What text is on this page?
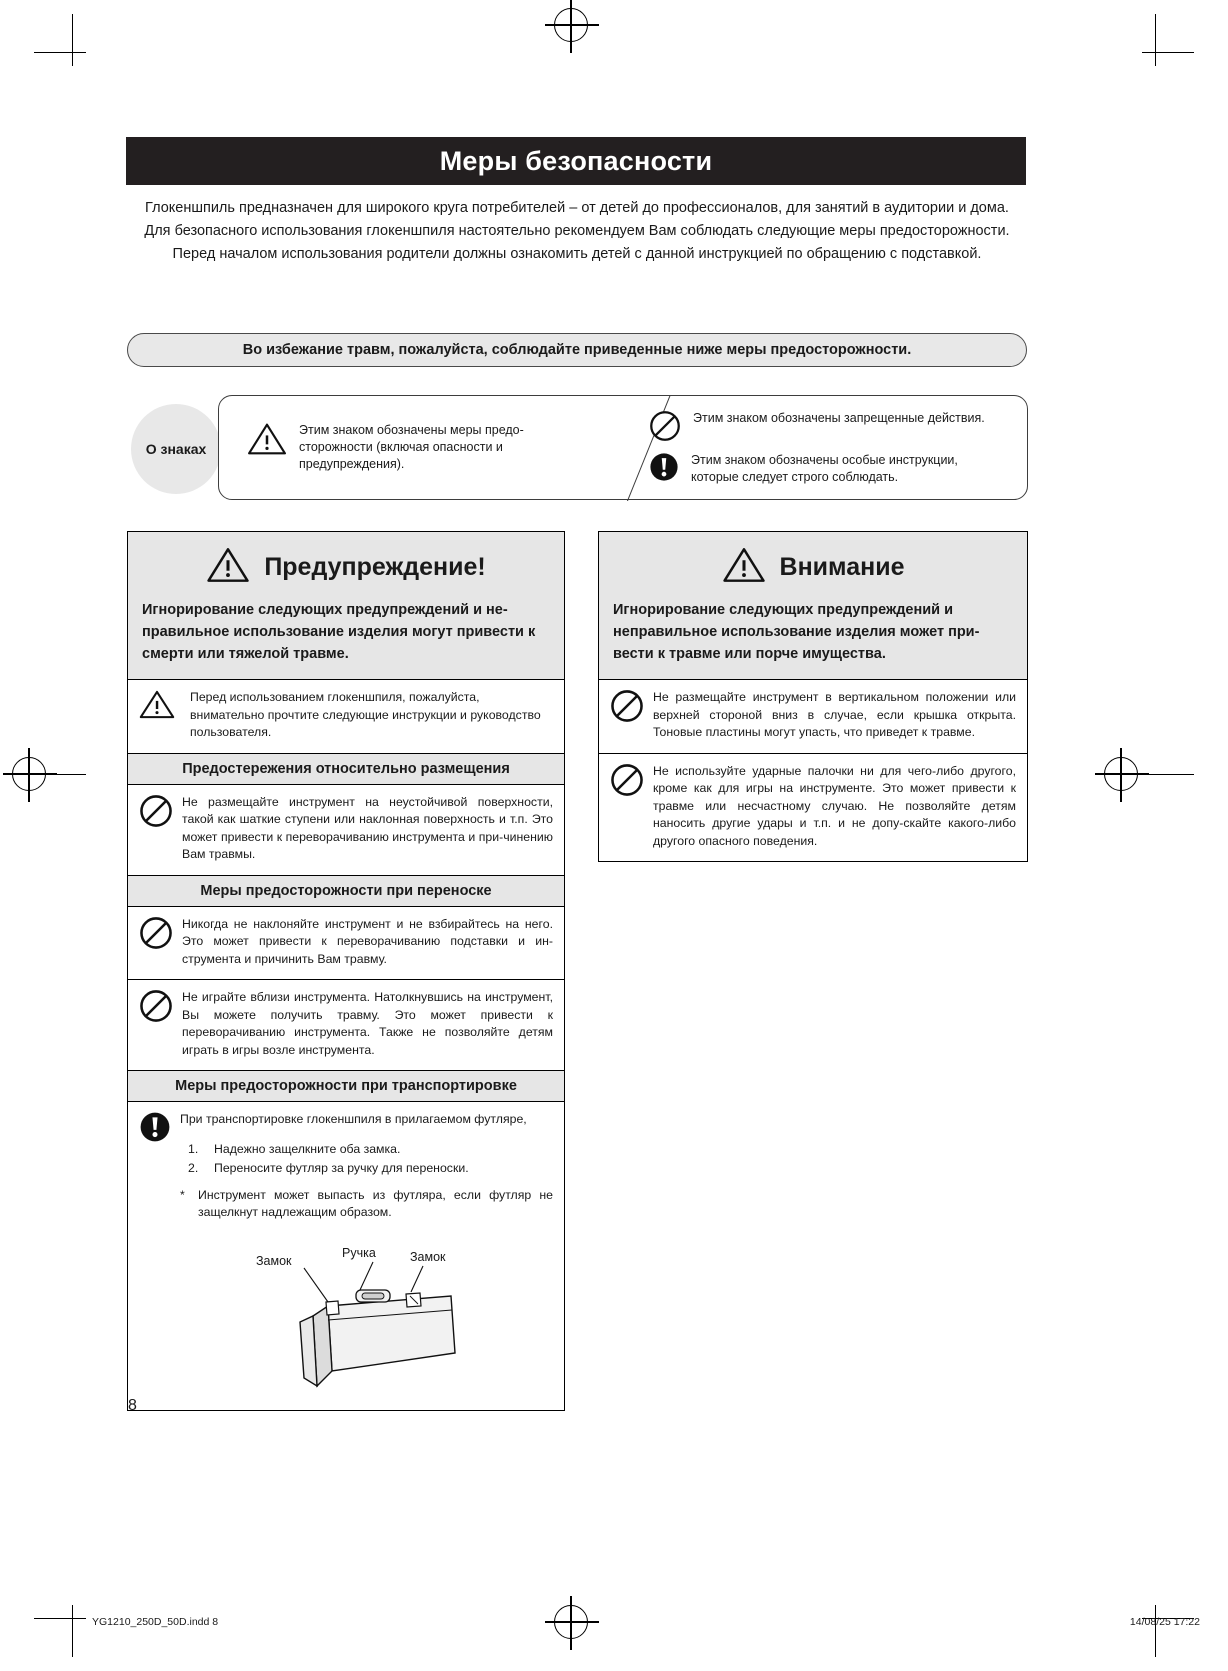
Меры безопасности
Глокеншпиль предназначен для широкого круга потребителей – от детей до профессионалов, для занятий в аудитории и дома.
Для безопасного использования глокеншпиля настоятельно рекомендуем Вам соблюдать следующие меры предосторожности.
Перед началом использования родители должны ознакомить детей с данной инструкцией по обращению с подставкой.
Во избежание травм, пожалуйста, соблюдайте приведенные ниже меры предосторожности.
O знаках
Этим знаком обозначены меры предо-сторожности (включая опасности и предупреждения).
Этим знаком обозначены запрещенные действия.
Этим знаком обозначены особые инструкции, которые следует строго соблюдать.
Предупреждение!
Игнорирование следующих предупреждений и не-правильное использование изделия могут привести к смерти или тяжелой травме.
Перед использованием глокеншпиля, пожалуйста, внимательно прочтите следующие инструкции и руководство пользователя.
Предостережения относительно размещения
Не размещайте инструмент на неустойчивой поверхности, такой как шаткие ступени или наклонная поверхность и т.п. Это может привести к переворачиванию инструмента и при-чинению Вам травмы.
Меры предосторожности при переноске
Никогда не наклоняйте инструмент и не взбирайтесь на него. Это может привести к переворачиванию подставки и ин-струмента и причинить Вам травму.
Не играйте вблизи инструмента. Натолкнувшись на инструмент, Вы можете получить травму. Это может привести к переворачиванию инструмента. Также не позволяйте детям играть в игры возле инструмента.
Меры предосторожности при транспортировке
При транспортировке глокеншпиля в прилагаемом футляре,
1. Надежно защелкните оба замка.
2. Переносите футляр за ручку для переноски.
* Инструмент может выпасть из футляра, если футляр не защелкнут надлежащим образом.
Замок
Ручка	Замок
Внимание
Игнорирование следующих предупреждений и неправильное использование изделия может при-вести к травме или порче имущества.
Не размещайте инструмент в вертикальном положении или верхней стороной вниз в случае, если крышка открыта. Тоновые пластины могут упасть, что приведет к травме.
Не используйте ударные палочки ни для чего-либо другого, кроме как для игры на инструменте. Это может привести к травме или несчастному случаю. Не позволяйте детям наносить другие удары и т.п. и не допу-скайте какого-либо другого опасного поведения.
8
YG1210_250D_50D.indd 8	14/08/25 17:22
